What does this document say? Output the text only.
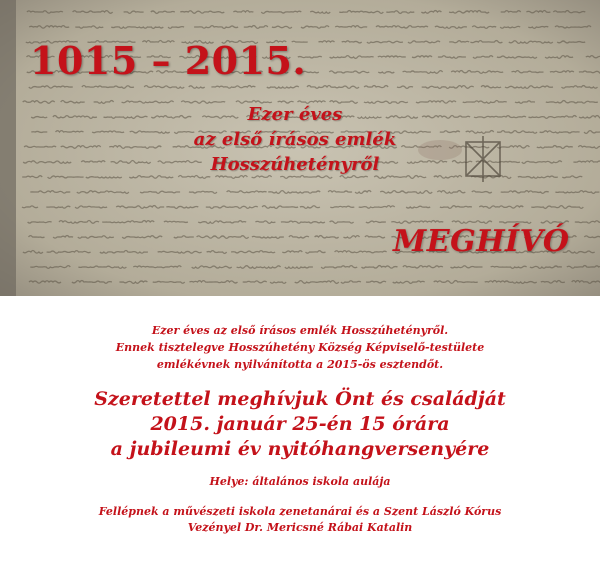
1015 – 2015.
Ezer éves
az első írásos emlék
Hosszúhetényről
MEGHÍVÓ
Ezer éves az első írásos emlék Hosszúhetényről.
Ennek tisztelegve Hosszúhetény Község Képviselő-testülete
emlékévnek nyilvánította a 2015-ös esztendőt.
Szeretettel meghívjuk Önt és családját
2015. január 25-én 15 órára
a jubileumi év nyitóhangversenyére
Helye: általános iskola aulája
Fellépnek a művészeti iskola zenetanárai és a Szent László Kórus
Vezényel Dr. Mericsné Rábai Katalin
